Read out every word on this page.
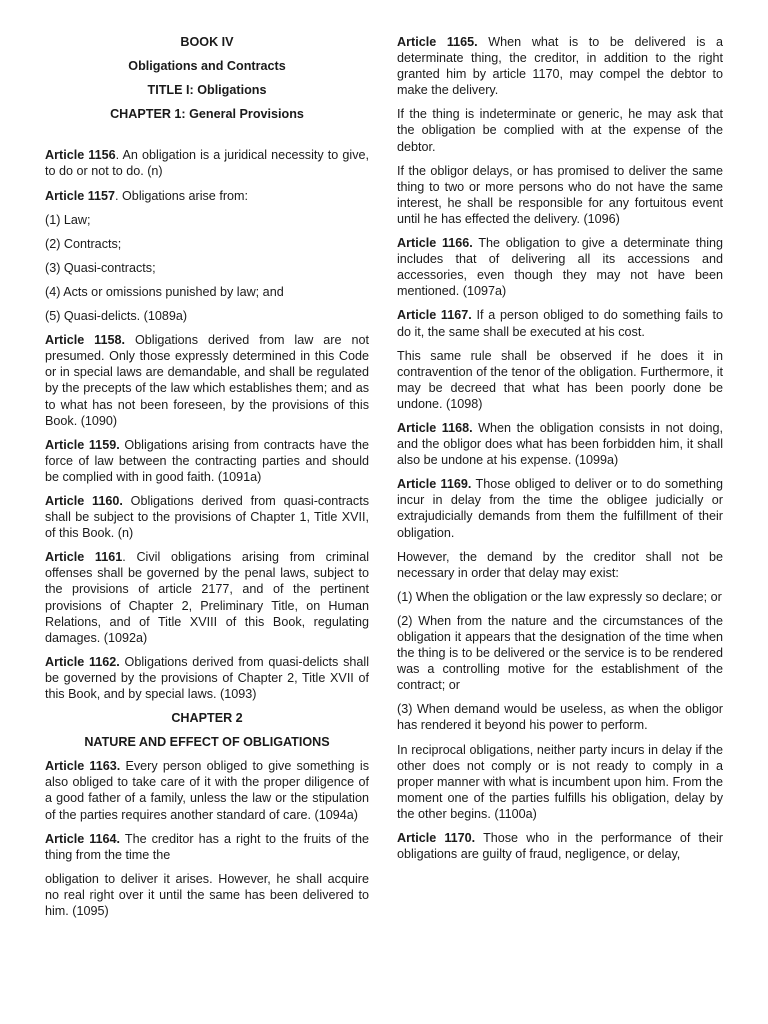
BOOK IV
Obligations and Contracts
TITLE I: Obligations
CHAPTER 1: General Provisions

Article 1156. An obligation is a juridical necessity to give, to do or not to do. (n)

Article 1157. Obligations arise from:

(1) Law;

(2) Contracts;

(3) Quasi-contracts;

(4) Acts or omissions punished by law; and

(5) Quasi-delicts. (1089a)

Article 1158. Obligations derived from law are not presumed. Only those expressly determined in this Code or in special laws are demandable, and shall be regulated by the precepts of the law which establishes them; and as to what has not been foreseen, by the provisions of this Book. (1090)

Article 1159. Obligations arising from contracts have the force of law between the contracting parties and should be complied with in good faith. (1091a)

Article 1160. Obligations derived from quasi-contracts shall be subject to the provisions of Chapter 1, Title XVII, of this Book. (n)

Article 1161. Civil obligations arising from criminal offenses shall be governed by the penal laws, subject to the provisions of article 2177, and of the pertinent provisions of Chapter 2, Preliminary Title, on Human Relations, and of Title XVIII of this Book, regulating damages. (1092a)

Article 1162. Obligations derived from quasi-delicts shall be governed by the provisions of Chapter 2, Title XVII of this Book, and by special laws. (1093)

CHAPTER 2
NATURE AND EFFECT OF OBLIGATIONS

Article 1163. Every person obliged to give something is also obliged to take care of it with the proper diligence of a good father of a family, unless the law or the stipulation of the parties requires another standard of care. (1094a)

Article 1164. The creditor has a right to the fruits of the thing from the time the

obligation to deliver it arises. However, he shall acquire no real right over it until the same has been delivered to him. (1095)

Article 1165. When what is to be delivered is a determinate thing, the creditor, in addition to the right granted him by article 1170, may compel the debtor to make the delivery.

If the thing is indeterminate or generic, he may ask that the obligation be complied with at the expense of the debtor.

If the obligor delays, or has promised to deliver the same thing to two or more persons who do not have the same interest, he shall be responsible for any fortuitous event until he has effected the delivery. (1096)

Article 1166. The obligation to give a determinate thing includes that of delivering all its accessions and accessories, even though they may not have been mentioned. (1097a)

Article 1167. If a person obliged to do something fails to do it, the same shall be executed at his cost.

This same rule shall be observed if he does it in contravention of the tenor of the obligation. Furthermore, it may be decreed that what has been poorly done be undone. (1098)

Article 1168. When the obligation consists in not doing, and the obligor does what has been forbidden him, it shall also be undone at his expense. (1099a)

Article 1169. Those obliged to deliver or to do something incur in delay from the time the obligee judicially or extrajudicially demands from them the fulfillment of their obligation.

However, the demand by the creditor shall not be necessary in order that delay may exist:

(1) When the obligation or the law expressly so declare; or

(2) When from the nature and the circumstances of the obligation it appears that the designation of the time when the thing is to be delivered or the service is to be rendered was a controlling motive for the establishment of the contract; or

(3) When demand would be useless, as when the obligor has rendered it beyond his power to perform.

In reciprocal obligations, neither party incurs in delay if the other does not comply or is not ready to comply in a proper manner with what is incumbent upon him. From the moment one of the parties fulfills his obligation, delay by the other begins. (1100a)

Article 1170. Those who in the performance of their obligations are guilty of fraud, negligence, or delay,
